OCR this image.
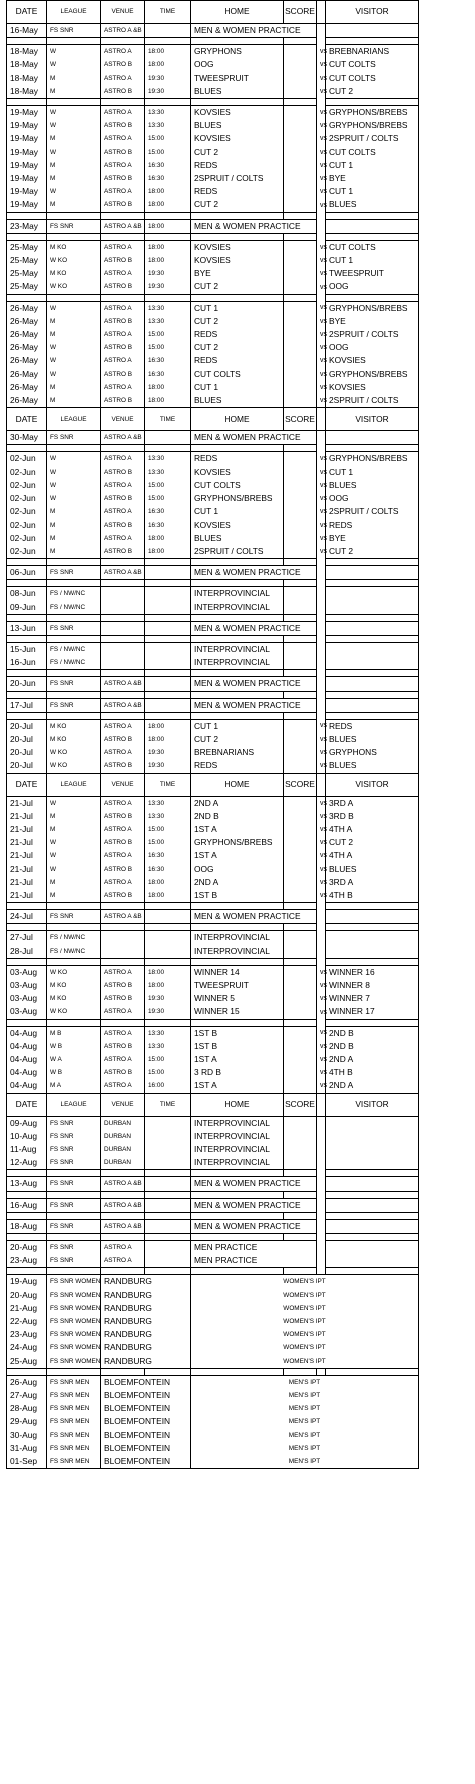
DATE	LEAGUE	VENUE	TIME	HOME	SCORE		VISITOR	
16-May	FS SNR	ASTRO A &B		MEN & WOMEN PRACTICE				

18-May	W	ASTRO A	18:00	GRYPHONS		vs	BREBNARIANS	
18-May	W	ASTRO B	18:00	OOG		vs	CUT COLTS	
18-May	M	ASTRO A	19:30	TWEESPRUIT		vs	CUT COLTS	
18-May	M	ASTRO B	19:30	BLUES		vs	CUT 2	

19-May	W	ASTRO A	13:30	KOVSIES		vs	GRYPHONS/BREBS	
19-May	W	ASTRO B	13:30	BLUES		vs	GRYPHONS/BREBS	
19-May	M	ASTRO A	15:00	KOVSIES		vs	2SPRUIT / COLTS	
19-May	W	ASTRO B	15:00	CUT 2		vs	CUT COLTS	
19-May	M	ASTRO A	16:30	REDS		vs	CUT 1	
19-May	M	ASTRO B	16:30	2SPRUIT / COLTS		vs	BYE	
19-May	W	ASTRO A	18:00	REDS		vs	CUT 1	
19-May	M	ASTRO B	18:00	CUT 2		vs	BLUES	

23-May	FS SNR	ASTRO A &B	18:00	MEN & WOMEN PRACTICE				

25-May	M KO	ASTRO A	18:00	KOVSIES		vs	CUT COLTS	
25-May	W KO	ASTRO B	18:00	KOVSIES		vs	CUT 1	
25-May	M KO	ASTRO A	19:30	BYE		vs	TWEESPRUIT	
25-May	W KO	ASTRO B	19:30	CUT 2		vs	OOG	

26-May	W	ASTRO A	13:30	CUT 1		vs	GRYPHONS/BREBS	
26-May	M	ASTRO B	13:30	CUT 2		vs	BYE	
26-May	M	ASTRO A	15:00	REDS		vs	2SPRUIT / COLTS	
26-May	W	ASTRO B	15:00	CUT 2		vs	OOG	
26-May	W	ASTRO A	16:30	REDS		vs	KOVSIES	
26-May	W	ASTRO B	16:30	CUT COLTS		vs	GRYPHONS/BREBS	
26-May	M	ASTRO A	18:00	CUT 1		vs	KOVSIES	
26-May	M	ASTRO B	18:00	BLUES		vs	2SPRUIT / COLTS	
DATE	LEAGUE	VENUE	TIME	HOME	SCORE		VISITOR	
30-May	FS SNR	ASTRO A &B		MEN & WOMEN PRACTICE				

02-Jun	W	ASTRO A	13:30	REDS		vs	GRYPHONS/BREBS	
02-Jun	W	ASTRO B	13:30	KOVSIES		vs	CUT 1	
02-Jun	W	ASTRO A	15:00	CUT COLTS		vs	BLUES	
02-Jun	W	ASTRO B	15:00	GRYPHONS/BREBS		vs	OOG	
02-Jun	M	ASTRO A	16:30	CUT 1		vs	2SPRUIT / COLTS	
02-Jun	M	ASTRO B	16:30	KOVSIES		vs	REDS	
02-Jun	M	ASTRO A	18:00	BLUES		vs	BYE	
02-Jun	M	ASTRO B	18:00	2SPRUIT / COLTS		vs	CUT 2	

06-Jun	FS SNR	ASTRO A &B		MEN & WOMEN PRACTICE				

08-Jun	FS / NW/NC			INTERPROVINCIAL				
09-Jun	FS / NW/NC			INTERPROVINCIAL				

13-Jun	FS SNR			MEN & WOMEN PRACTICE				

15-Jun	FS / NW/NC			INTERPROVINCIAL				
16-Jun	FS / NW/NC			INTERPROVINCIAL				

20-Jun	FS SNR	ASTRO A &B		MEN & WOMEN PRACTICE				

17-Jul	FS SNR	ASTRO A &B		MEN & WOMEN PRACTICE				

20-Jul	M KO	ASTRO A	18:00	CUT 1		vs	REDS	
20-Jul	M KO	ASTRO B	18:00	CUT 2		vs	BLUES	
20-Jul	W KO	ASTRO A	19:30	BREBNARIANS		vs	GRYPHONS	
20-Jul	W KO	ASTRO B	19:30	REDS		vs	BLUES	
DATE	LEAGUE	VENUE	TIME	HOME	SCORE		VISITOR	
21-Jul	W	ASTRO A	13:30	2ND A		vs	3RD A	
21-Jul	M	ASTRO B	13:30	2ND B		vs	3RD B	
21-Jul	M	ASTRO A	15:00	1ST A		vs	4TH A	
21-Jul	W	ASTRO B	15:00	GRYPHONS/BREBS		vs	CUT 2	
21-Jul	W	ASTRO A	16:30	1ST A		vs	4TH A	
21-Jul	W	ASTRO B	16:30	OOG		vs	BLUES	
21-Jul	M	ASTRO A	18:00	2ND A		vs	3RD A	
21-Jul	M	ASTRO B	18:00	1ST B		vs	4TH B	

24-Jul	FS SNR	ASTRO A &B		MEN & WOMEN PRACTICE				

27-Jul	FS / NW/NC			INTERPROVINCIAL				
28-Jul	FS / NW/NC			INTERPROVINCIAL				

03-Aug	W KO	ASTRO A	18:00	WINNER 14		vs	WINNER 16	
03-Aug	M KO	ASTRO B	18:00	TWEESPRUIT		vs	WINNER 8	
03-Aug	M KO	ASTRO B	19:30	WINNER 5		vs	WINNER 7	
03-Aug	W KO	ASTRO A	19:30	WINNER 15		vs	WINNER 17	

04-Aug	M B	ASTRO A	13:30	1ST B		vs	2ND B	
04-Aug	W B	ASTRO B	13:30	1ST B		vs	2ND B	
04-Aug	W A	ASTRO A	15:00	1ST A		vs	2ND A	
04-Aug	W B	ASTRO B	15:00	3 RD B		vs	4TH B	
04-Aug	M A	ASTRO A	16:00	1ST A		vs	2ND A	
DATE	LEAGUE	VENUE	TIME	HOME	SCORE		VISITOR	
09-Aug	FS SNR	DURBAN		INTERPROVINCIAL				
10-Aug	FS SNR	DURBAN		INTERPROVINCIAL				
11-Aug	FS SNR	DURBAN		INTERPROVINCIAL				
12-Aug	FS SNR	DURBAN		INTERPROVINCIAL				

13-Aug	FS SNR	ASTRO A &B		MEN & WOMEN PRACTICE				

16-Aug	FS SNR	ASTRO A &B		MEN & WOMEN PRACTICE				

18-Aug	FS SNR	ASTRO A &B		MEN & WOMEN PRACTICE				

20-Aug	FS SNR	ASTRO A		MEN PRACTICE				
23-Aug	FS SNR	ASTRO A		MEN PRACTICE				

19-Aug	FS SNR WOMEN	RANDBURG		WOMEN'S IPT				
20-Aug	FS SNR WOMEN	RANDBURG		WOMEN'S IPT				
21-Aug	FS SNR WOMEN	RANDBURG		WOMEN'S IPT				
22-Aug	FS SNR WOMEN	RANDBURG		WOMEN'S IPT				
23-Aug	FS SNR WOMEN	RANDBURG		WOMEN'S IPT				
24-Aug	FS SNR WOMEN	RANDBURG		WOMEN'S IPT				
25-Aug	FS SNR WOMEN	RANDBURG		WOMEN'S IPT				

26-Aug	FS SNR MEN	BLOEMFONTEIN		MEN'S IPT				
27-Aug	FS SNR MEN	BLOEMFONTEIN		MEN'S IPT				
28-Aug	FS SNR MEN	BLOEMFONTEIN		MEN'S IPT				
29-Aug	FS SNR MEN	BLOEMFONTEIN		MEN'S IPT				
30-Aug	FS SNR MEN	BLOEMFONTEIN		MEN'S IPT				
31-Aug	FS SNR MEN	BLOEMFONTEIN		MEN'S IPT				
01-Sep	FS SNR MEN	BLOEMFONTEIN		MEN'S IPT				
